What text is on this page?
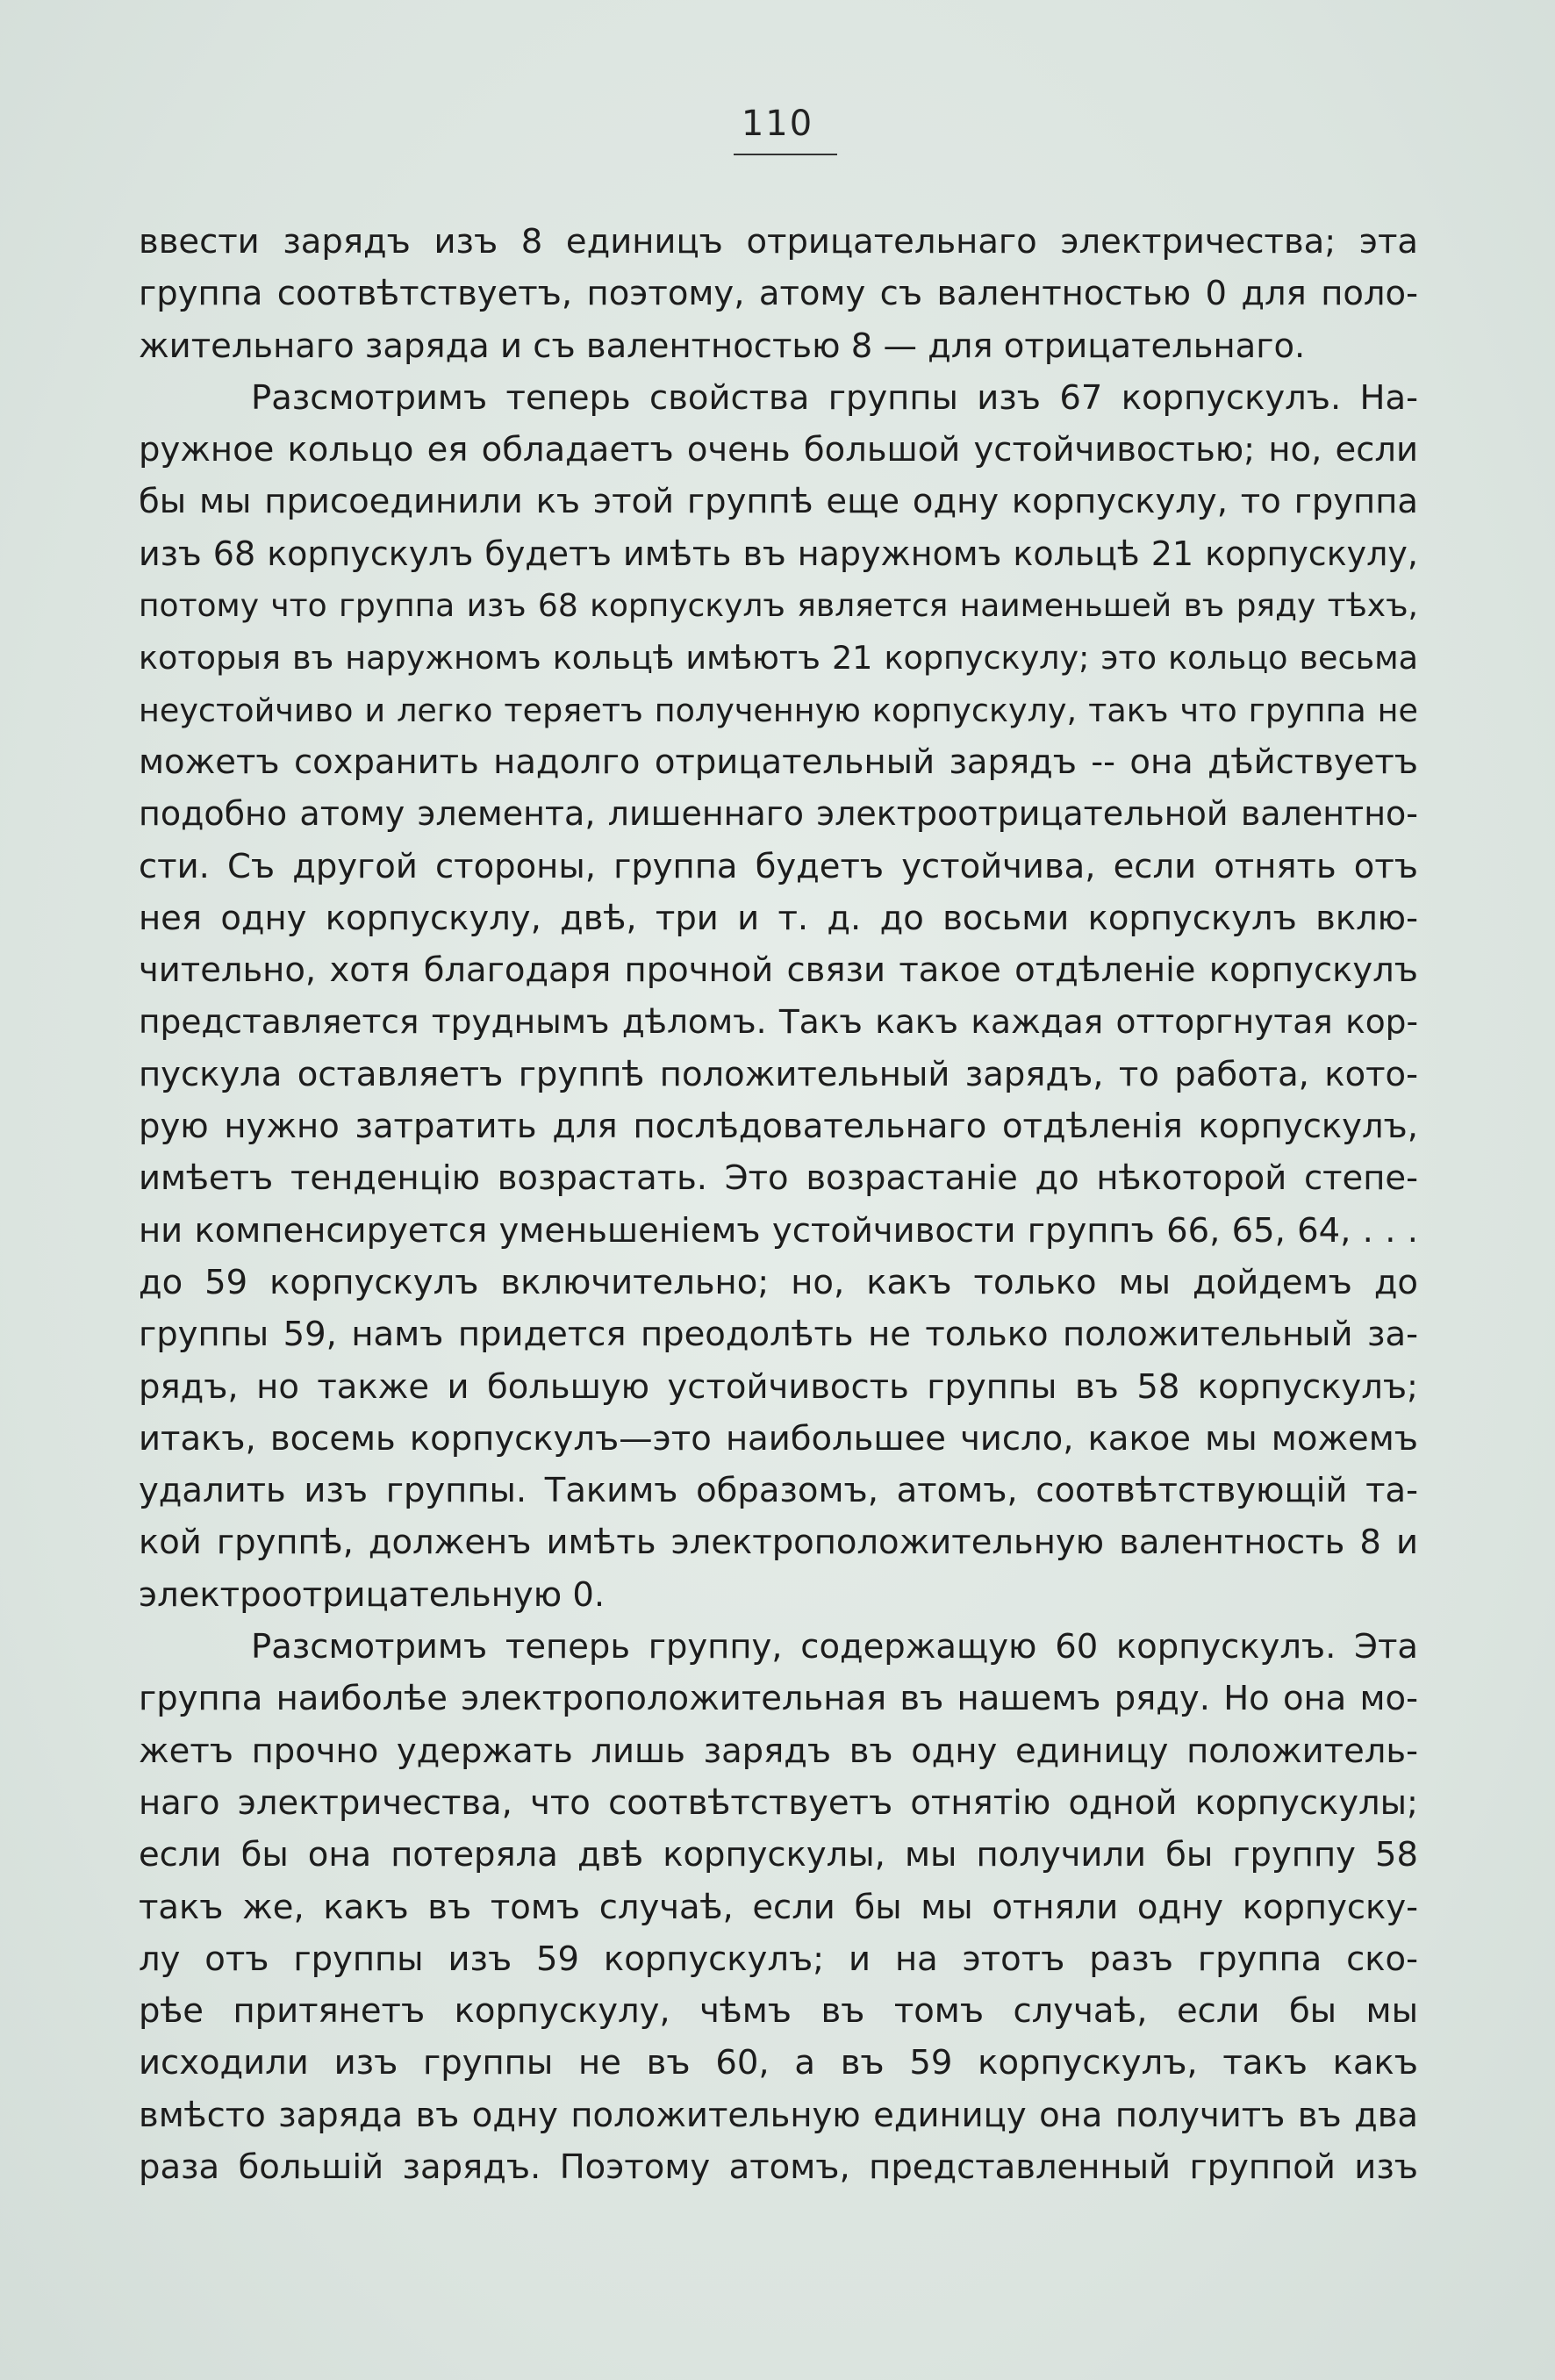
110
ввести зарядъ изъ 8 единицъ отрицательнаго электричества; эта
группа соотвѣтствуетъ, поэтому, атому съ валентностью 0 для поло-
жительнаго заряда и съ валентностью 8 — для отрицательнаго.
Разсмотримъ теперь свойства группы изъ 67 корпускулъ. На-
ружное кольцо ея обладаетъ очень большой устойчивостью; но, если
бы мы присоединили къ этой группѣ еще одну корпускулу, то группа
изъ 68 корпускулъ будетъ имѣть въ наружномъ кольцѣ 21 корпускулу,
потому что группа изъ 68 корпускулъ является наименьшей въ ряду тѣхъ,
которыя въ наружномъ кольцѣ имѣютъ 21 корпускулу; это кольцо весьма
неустойчиво и легко теряетъ полученную корпускулу, такъ что группа не
можетъ сохранить надолго отрицательный зарядъ -- она дѣйствуетъ
подобно атому элемента, лишеннаго электроотрицательной валентно-
сти. Съ другой стороны, группа будетъ устойчива, если отнять отъ
нея одну корпускулу, двѣ, три и т. д. до восьми корпускулъ вклю-
чительно, хотя благодаря прочной связи такое отдѣленіе корпускулъ
представляется труднымъ дѣломъ. Такъ какъ каждая отторгнутая кор-
пускула оставляетъ группѣ положительный зарядъ, то работа, кото-
рую нужно затратить для послѣдовательнаго отдѣленія корпускулъ,
имѣетъ тенденцію возрастать. Это возрастаніе до нѣкоторой степе-
ни компенсируется уменьшеніемъ устойчивости группъ 66, 65, 64, . . .
до 59 корпускулъ включительно; но, какъ только мы дойдемъ до
группы 59, намъ придется преодолѣть не только положительный за-
рядъ, но также и большую устойчивость группы въ 58 корпускулъ;
итакъ, восемь корпускулъ—это наибольшее число, какое мы можемъ
удалить изъ группы. Такимъ образомъ, атомъ, соотвѣтствующій та-
кой группѣ, долженъ имѣть электроположительную валентность 8 и
электроотрицательную 0.
Разсмотримъ теперь группу, содержащую 60 корпускулъ. Эта
группа наиболѣе электроположительная въ нашемъ ряду. Но она мо-
жетъ прочно удержать лишь зарядъ въ одну единицу положитель-
наго электричества, что соотвѣтствуетъ отнятію одной корпускулы;
если бы она потеряла двѣ корпускулы, мы получили бы группу 58
такъ же, какъ въ томъ случаѣ, если бы мы отняли одну корпуску-
лу отъ группы изъ 59 корпускулъ; и на этотъ разъ группа ско-
рѣе притянетъ корпускулу, чѣмъ въ томъ случаѣ, если бы мы
исходили изъ группы не въ 60, а въ 59 корпускулъ, такъ какъ
вмѣсто заряда въ одну положительную единицу она получитъ въ два
раза большій зарядъ. Поэтому атомъ, представленный группой изъ
